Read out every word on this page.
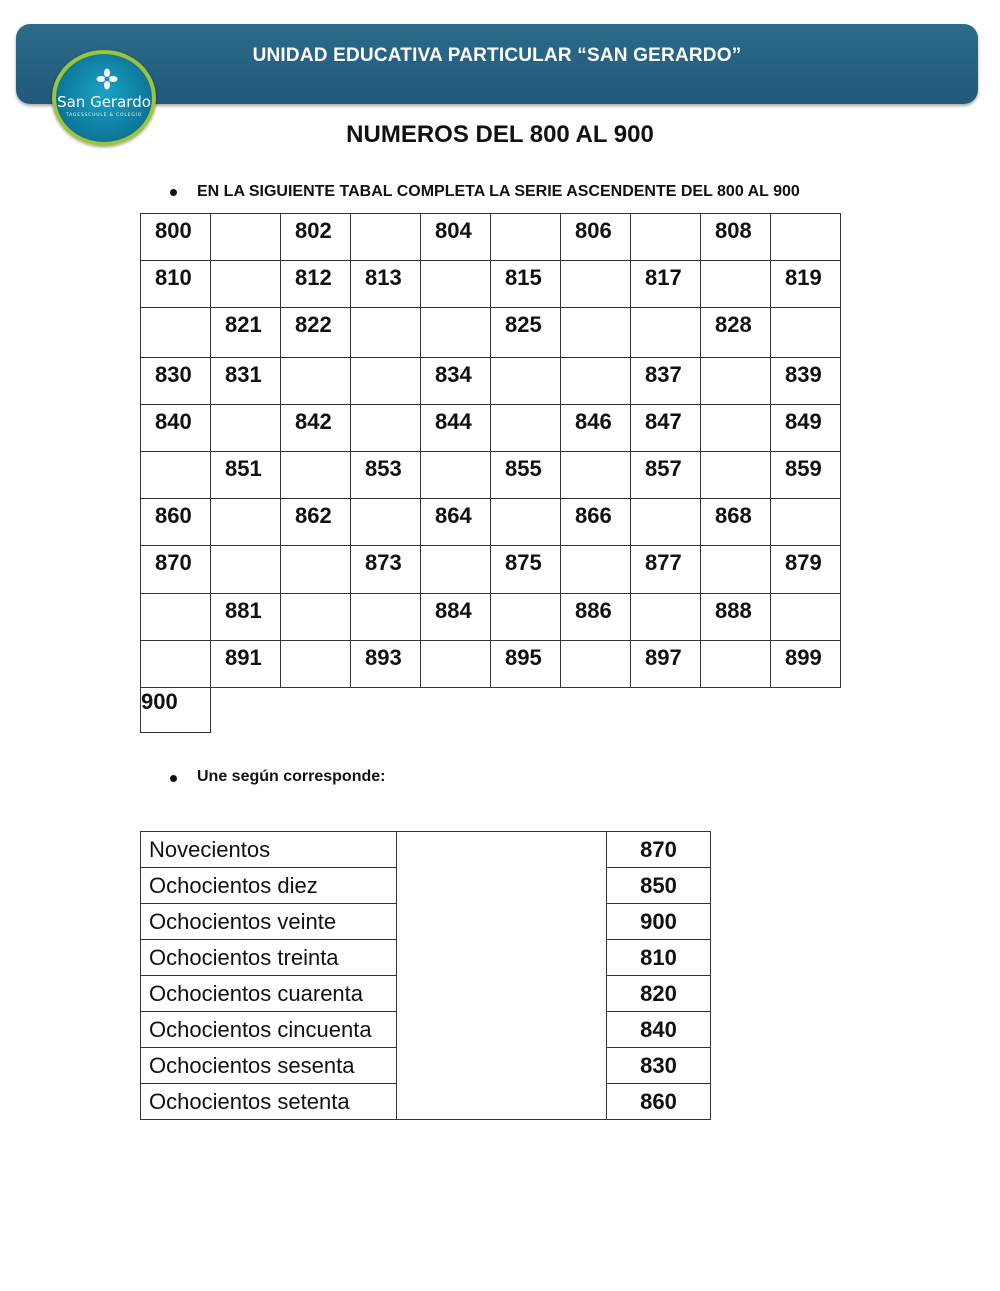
UNIDAD EDUCATIVA PARTICULAR “SAN GERARDO”
San Gerardo
TAGESSCHULE & COLEGIO
NUMEROS DEL 800 AL 900
EN LA SIGUIENTE TABAL COMPLETA LA SERIE ASCENDENTE DEL 800 AL 900
800		802		804		806		808	
810		812	813		815		817		819
	821	822			825			828	
830	831			834			837		839
840		842		844		846	847		849
	851		853		855		857		859
860		862		864		866		868	
870			873		875		877		879
	881			884		886		888	
	891		893		895		897		899
900
Une según corresponde:
Novecientos		870
Ochocientos diez		850
Ochocientos veinte		900
Ochocientos treinta		810
Ochocientos cuarenta		820
Ochocientos cincuenta		840
Ochocientos sesenta		830
Ochocientos setenta		860
